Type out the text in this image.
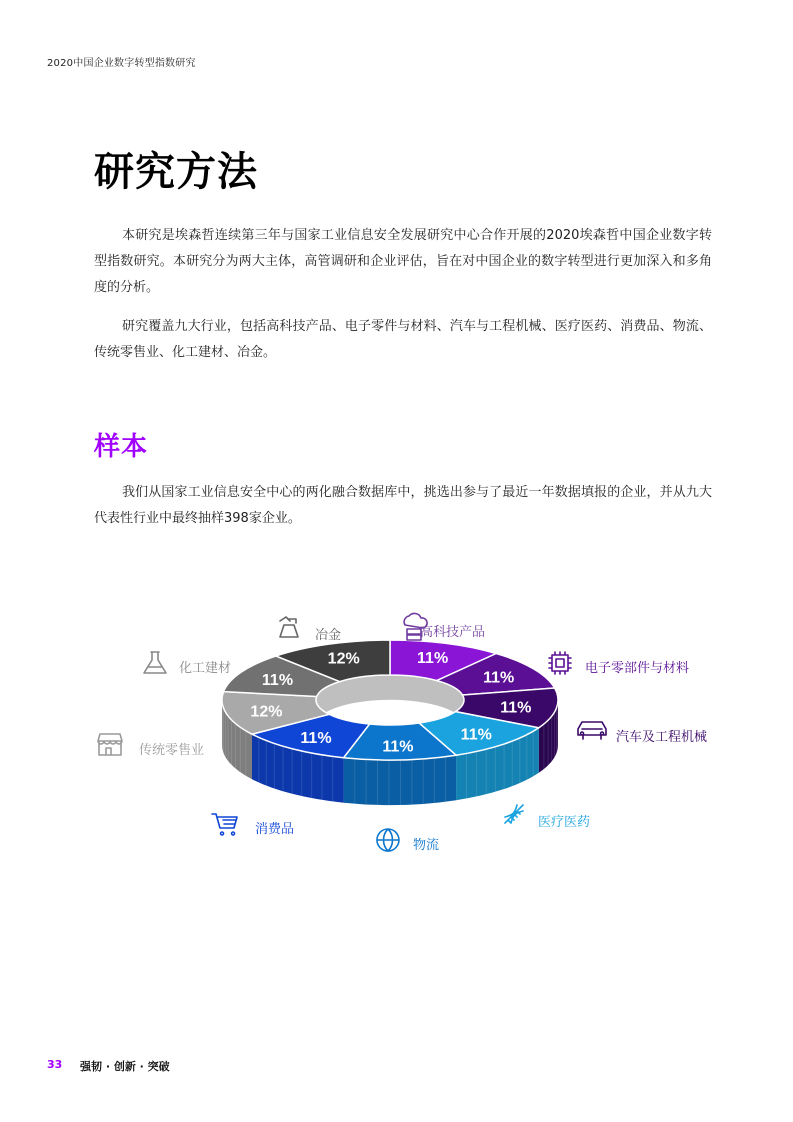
2020中国企业数字转型指数研究
研究方法

本研究是埃森哲连续第三年与国家工业信息安全发展研究中心合作开展的2020埃森哲中国企业数字转型指数研究。本研究分为两大主体，高管调研和企业评估，旨在对中国企业的数字转型进行更加深入和多角度的分析。

研究覆盖九大行业，包括高科技产品、电子零件与材料、汽车与工程机械、医疗医药、消费品、物流、传统零售业、化工建材、冶金。

样本

我们从国家工业信息安全中心的两化融合数据库中，挑选出参与了最近一年数据填报的企业，并从九大代表性行业中最终抽样398家企业。

11%
11%
11%
11%
11%
11%
12%
11%
12%
高科技产品
电子零部件与材料
汽车及工程机械
医疗医药
物流
消费品
传统零售业
化工建材
冶金
33 强韧 · 创新 · 突破
